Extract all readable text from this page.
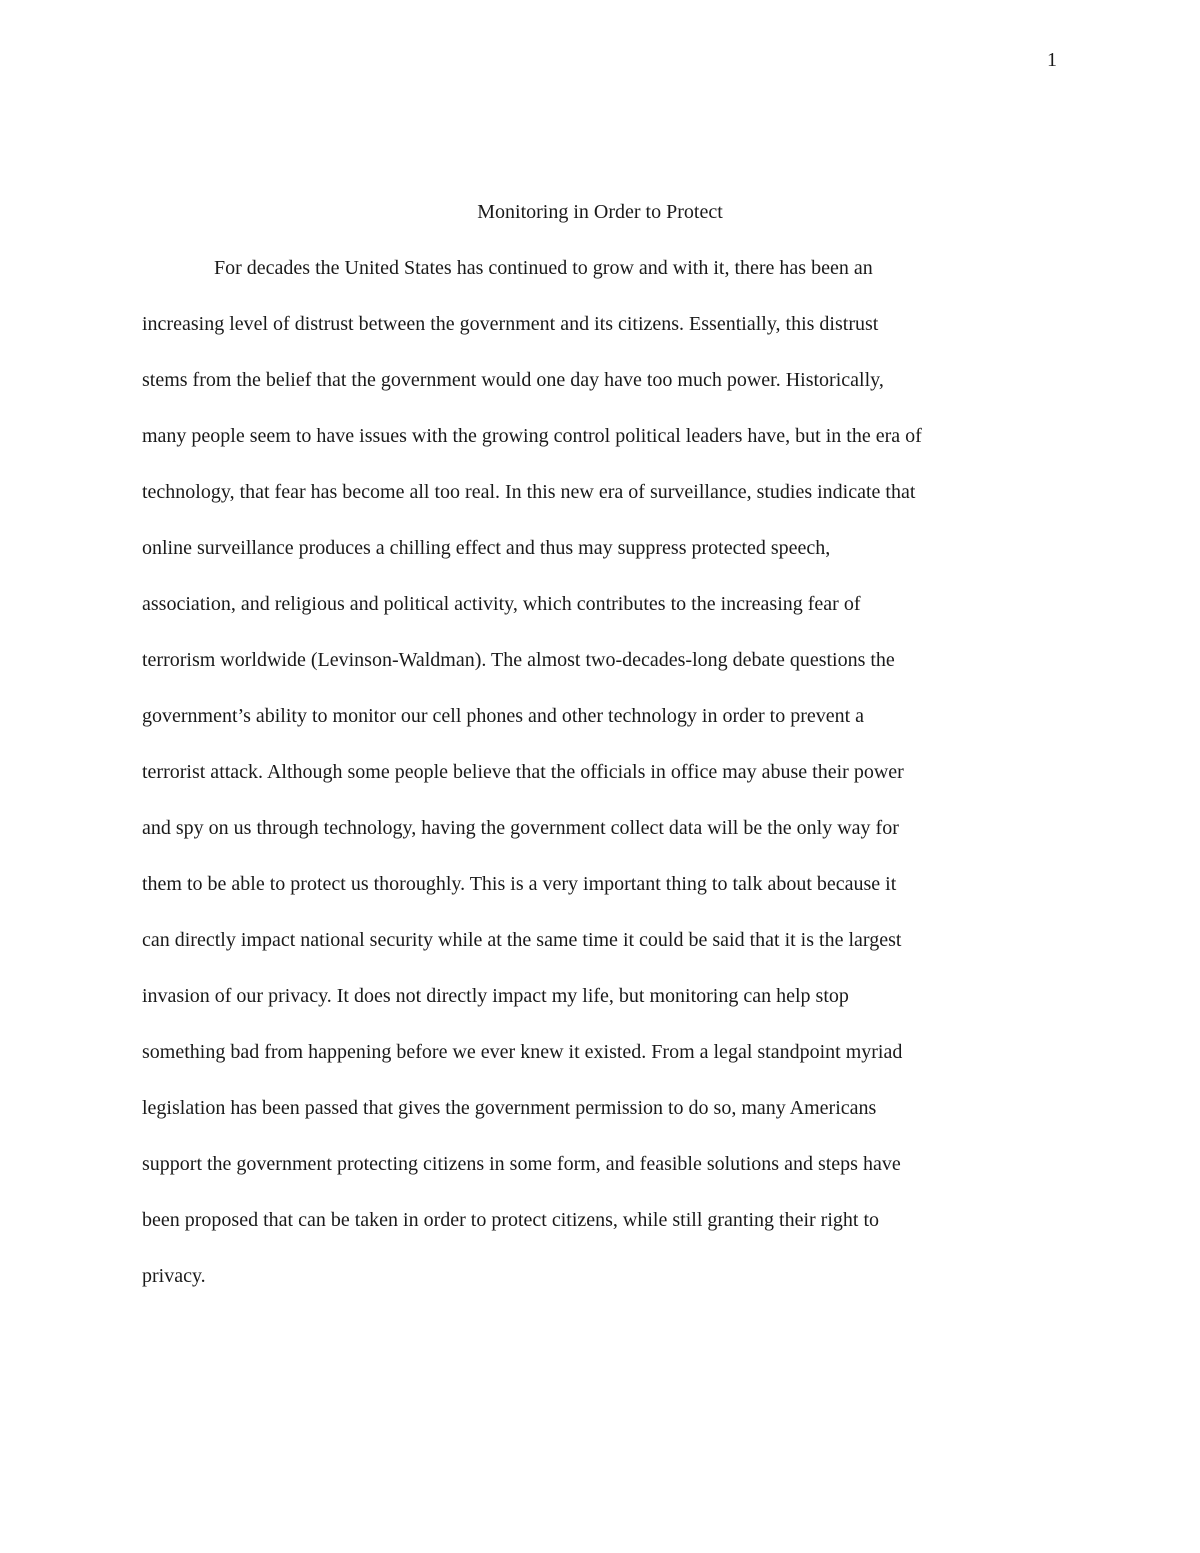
1
Monitoring in Order to Protect
For decades the United States has continued to grow and with it, there has been an
increasing level of distrust between the government and its citizens. Essentially, this distrust
stems from the belief that the government would one day have too much power. Historically,
many people seem to have issues with the growing control political leaders have, but in the era of
technology, that fear has become all too real. In this new era of surveillance, studies indicate that
online surveillance produces a chilling effect and thus may suppress protected speech,
association, and religious and political activity, which contributes to the increasing fear of
terrorism worldwide (Levinson-Waldman). The almost two-decades-long debate questions the
government’s ability to monitor our cell phones and other technology in order to prevent a
terrorist attack. Although some people believe that the officials in office may abuse their power
and spy on us through technology, having the government collect data will be the only way for
them to be able to protect us thoroughly. This is a very important thing to talk about because it
can directly impact national security while at the same time it could be said that it is the largest
invasion of our privacy. It does not directly impact my life, but monitoring can help stop
something bad from happening before we ever knew it existed. From a legal standpoint myriad
legislation has been passed that gives the government permission to do so, many Americans
support the government protecting citizens in some form, and feasible solutions and steps have
been proposed that can be taken in order to protect citizens, while still granting their right to
privacy.
